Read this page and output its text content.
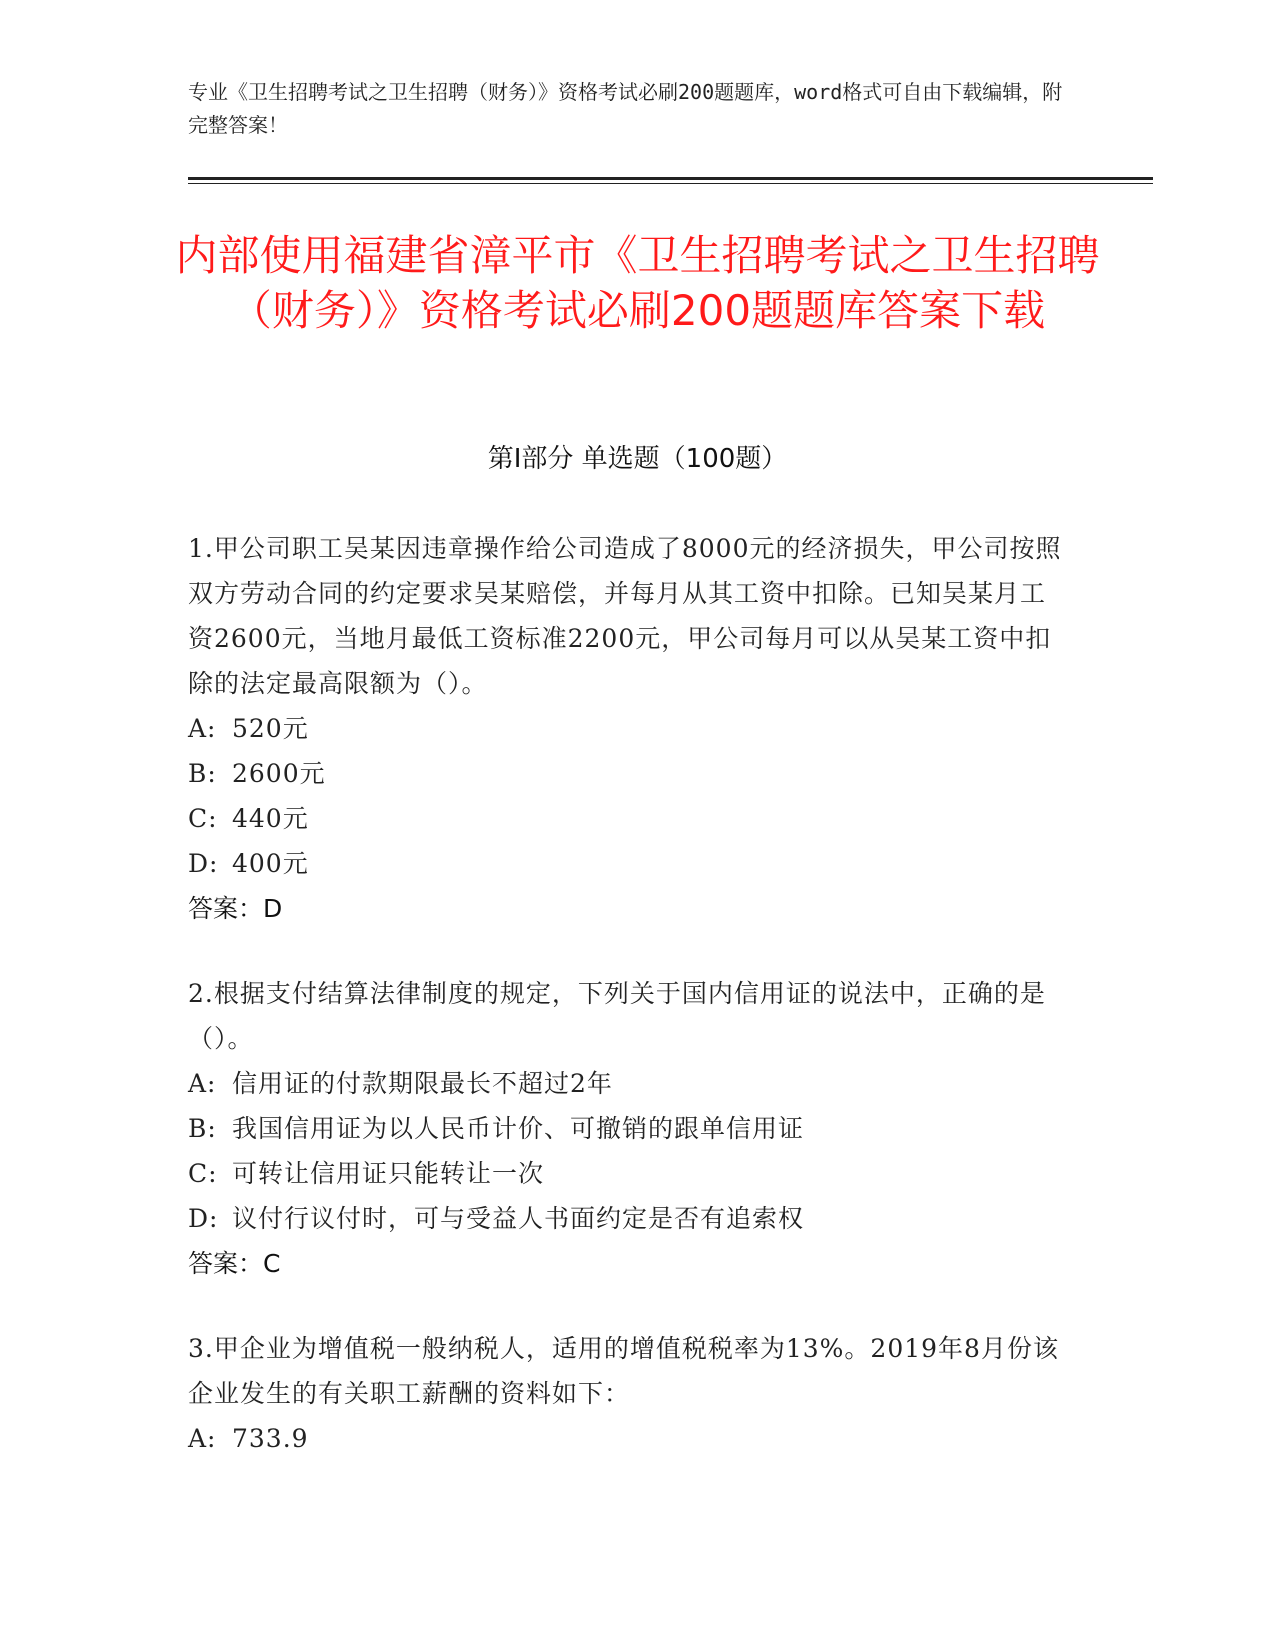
专业《卫生招聘考试之卫生招聘（财务）》资格考试必刷200题题库，word格式可自由下载编辑，附完整答案！
内部使用福建省漳平市《卫生招聘考试之卫生招聘（财务）》资格考试必刷200题题库答案下载
第Ⅰ部分 单选题（100题）

1.甲公司职工吴某因违章操作给公司造成了8000元的经济损失，甲公司按照双方劳动合同的约定要求吴某赔偿，并每月从其工资中扣除。已知吴某月工资2600元，当地月最低工资标准2200元，甲公司每月可以从吴某工资中扣除的法定最高限额为（）。

A: 520元

B: 2600元

C: 440元

D: 400元

答案：D

2.根据支付结算法律制度的规定，下列关于国内信用证的说法中，正确的是（）。

A: 信用证的付款期限最长不超过2年

B: 我国信用证为以人民币计价、可撤销的跟单信用证

C: 可转让信用证只能转让一次

D: 议付行议付时，可与受益人书面约定是否有追索权

答案：C

3.甲企业为增值税一般纳税人，适用的增值税税率为13%。2019年8月份该企业发生的有关职工薪酬的资料如下：

A: 733.9
